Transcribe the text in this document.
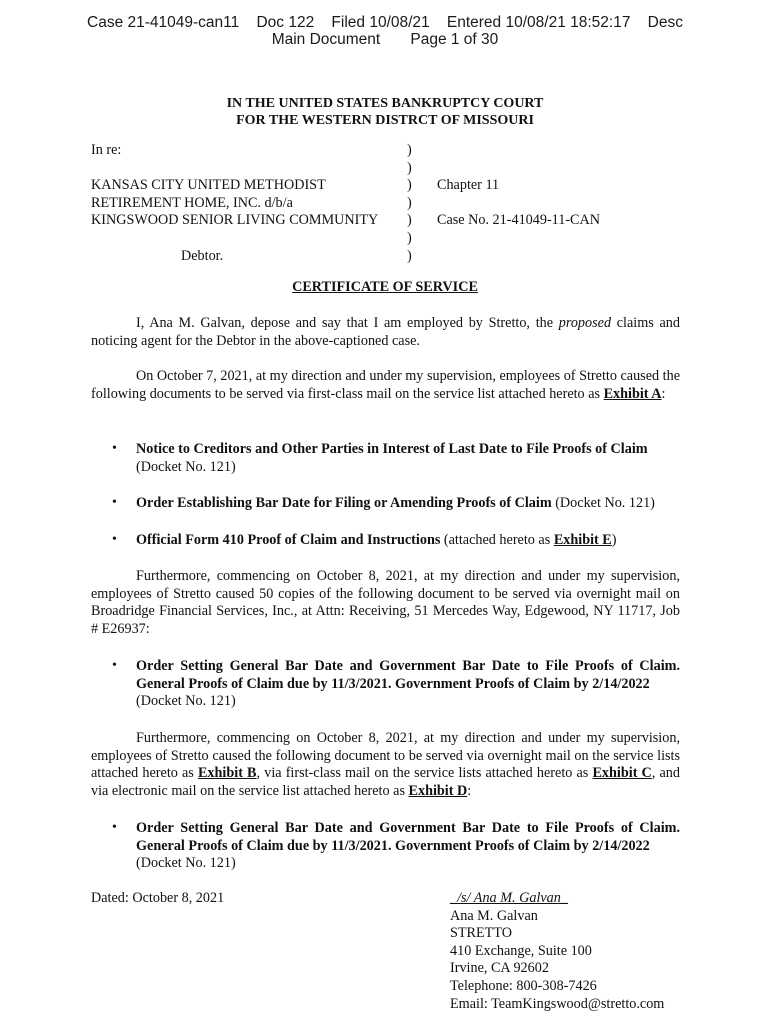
Case 21-41049-can11    Doc 122    Filed 10/08/21    Entered 10/08/21 18:52:17    Desc
Main Document       Page 1 of 30
IN THE UNITED STATES BANKRUPTCY COURT
FOR THE WESTERN DISTRCT OF MISSOURI
In re:

KANSAS CITY UNITED METHODIST
RETIREMENT HOME, INC. d/b/a
KINGSWOOD SENIOR LIVING COMMUNITY

Debtor.
)
)
)
)
)
)
)

Chapter 11

Case No. 21-41049-11-CAN
CERTIFICATE OF SERVICE
I, Ana M. Galvan, depose and say that I am employed by Stretto, the proposed claims and noticing agent for the Debtor in the above-captioned case.
On October 7, 2021, at my direction and under my supervision, employees of Stretto caused the following documents to be served via first-class mail on the service list attached hereto as Exhibit A:
• Notice to Creditors and Other Parties in Interest of Last Date to File Proofs of Claim
(Docket No. 121)
• Order Establishing Bar Date for Filing or Amending Proofs of Claim (Docket No. 121)
• Official Form 410 Proof of Claim and Instructions (attached hereto as Exhibit E)
Furthermore, commencing on October 8, 2021, at my direction and under my supervision, employees of Stretto caused 50 copies of the following document to be served via overnight mail on Broadridge Financial Services, Inc., at Attn: Receiving, 51 Mercedes Way, Edgewood, NY 11717, Job # E26937:
• Order Setting General Bar Date and Government Bar Date to File Proofs of Claim. General Proofs of Claim due by 11/3/2021. Government Proofs of Claim by 2/14/2022
(Docket No. 121)
Furthermore, commencing on October 8, 2021, at my direction and under my supervision, employees of Stretto caused the following document to be served via overnight mail on the service lists attached hereto as Exhibit B, via first-class mail on the service lists attached hereto as Exhibit C, and via electronic mail on the service list attached hereto as Exhibit D:
• Order Setting General Bar Date and Government Bar Date to File Proofs of Claim. General Proofs of Claim due by 11/3/2021. Government Proofs of Claim by 2/14/2022
(Docket No. 121)
Dated: October 8, 2021	_/s/ Ana M. Galvan_
Ana M. Galvan
STRETTO
410 Exchange, Suite 100
Irvine, CA 92602
Telephone: 800-308-7426
Email: TeamKingswood@stretto.com
